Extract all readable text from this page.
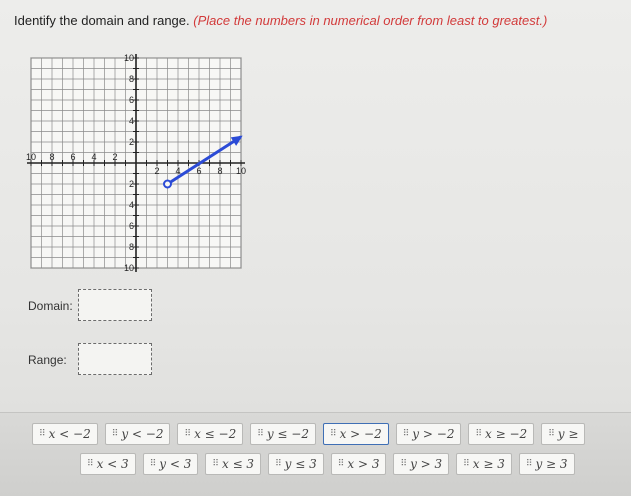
Identify the domain and range. (Place the numbers in numerical order from least to greatest.)
10 8 6 4 2
2 4 6 8 10
10
8
6
4
2
2
4
6
8
10
Domain:
Range:
⠿ x < −2 ⠿ y < −2 ⠿ x ≤ −2 ⠿ y ≤ −2 ⠿ x > −2 ⠿ y > −2 ⠿ x ≥ −2 ⠿ y ≥
⠿ x < 3 ⠿ y < 3 ⠿ x ≤ 3 ⠿ y ≤ 3 ⠿ x > 3 ⠿ y > 3 ⠿ x ≥ 3 ⠿ y ≥ 3
